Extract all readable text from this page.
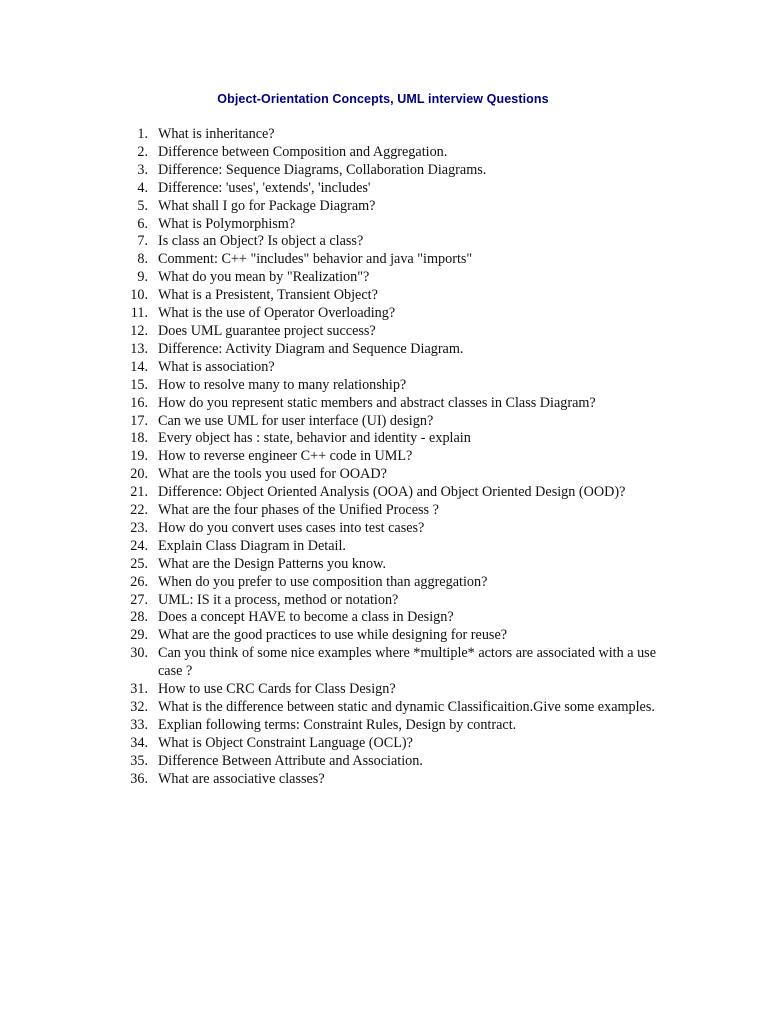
Object-Orientation Concepts, UML interview Questions
1. What is inheritance?
2. Difference between Composition and Aggregation.
3. Difference: Sequence Diagrams, Collaboration Diagrams.
4. Difference: 'uses', 'extends', 'includes'
5. What shall I go for Package Diagram?
6. What is Polymorphism?
7. Is class an Object? Is object a class?
8. Comment: C++ "includes" behavior and java "imports"
9. What do you mean by "Realization"?
10. What is a Presistent, Transient Object?
11. What is the use of Operator Overloading?
12. Does UML guarantee project success?
13. Difference: Activity Diagram and Sequence Diagram.
14. What is association?
15. How to resolve many to many relationship?
16. How do you represent static members and abstract classes in Class Diagram?
17. Can we use UML for user interface (UI) design?
18. Every object has : state, behavior and identity - explain
19. How to reverse engineer C++ code in UML?
20. What are the tools you used for OOAD?
21. Difference: Object Oriented Analysis (OOA) and Object Oriented Design (OOD)?
22. What are the four phases of the Unified Process ?
23. How do you convert uses cases into test cases?
24. Explain Class Diagram in Detail.
25. What are the Design Patterns you know.
26. When do you prefer to use composition than aggregation?
27. UML: IS it a process, method or notation?
28. Does a concept HAVE to become a class in Design?
29. What are the good practices to use while designing for reuse?
30. Can you think of some nice examples where *multiple* actors are associated with a use case ?
31. How to use CRC Cards for Class Design?
32. What is the difference between static and dynamic Classificaition.Give some examples.
33. Explian following terms: Constraint Rules, Design by contract.
34. What is Object Constraint Language (OCL)?
35. Difference Between Attribute and Association.
36. What are associative classes?
